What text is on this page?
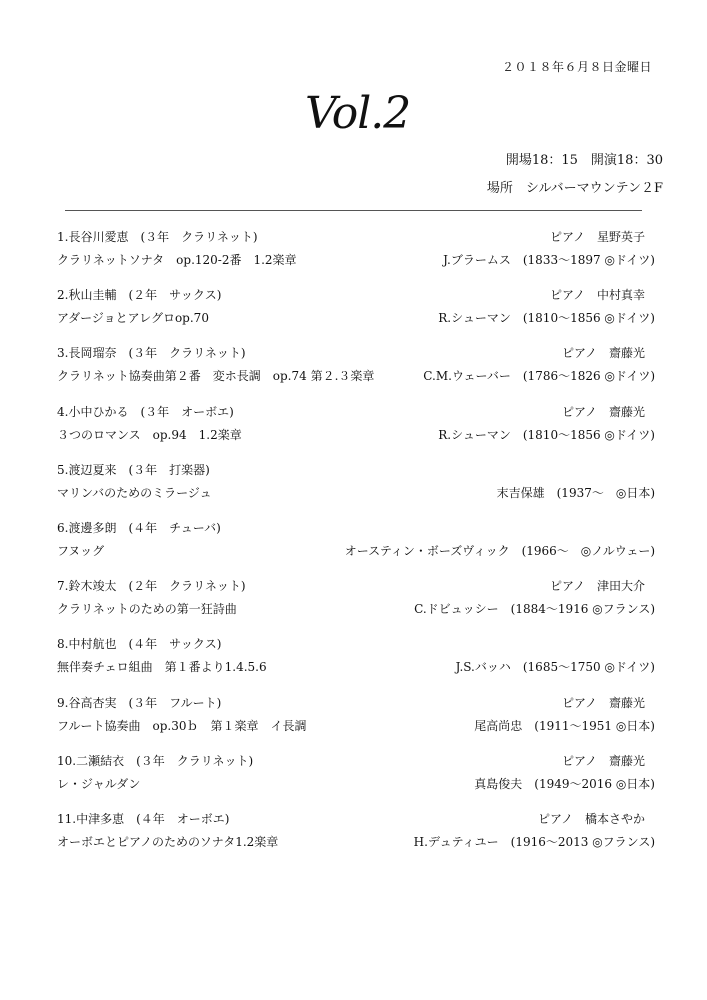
２０１８年６月８日金曜日
Vol.2
開場18：15　開演18：30
場所　シルバーマウンテン２F
1.長谷川愛恵　(３年　クラリネット)	ピアノ　星野英子
クラリネットソナタ　op.120-2番　1.2楽章	J.ブラームス　(1833〜1897 ◎ドイツ)
2.秋山圭輔　(２年　サックス)	ピアノ　中村真幸
アダージョとアレグロop.70	R.シューマン　(1810〜1856 ◎ドイツ)
3.長岡瑠奈　(３年　クラリネット)	ピアノ　齋藤光
クラリネット協奏曲第２番　変ホ長調　op.74 第２.３楽章	C.M.ウェーバー　(1786〜1826 ◎ドイツ)
4.小中ひかる　(３年　オーボエ)	ピアノ　齋藤光
３つのロマンス　op.94　1.2楽章	R.シューマン　(1810〜1856 ◎ドイツ)
5.渡辺夏来　(３年　打楽器)
マリンバのためのミラージュ	末吉保雄　(1937〜　◎日本)
6.渡邊多朗　(４年　チューバ)
フヌッグ	オースティン・ボーズヴィック　(1966〜　◎ノルウェー)
7.鈴木竣太　(２年　クラリネット)	ピアノ　津田大介
クラリネットのための第一狂詩曲	C.ドビュッシー　(1884〜1916 ◎フランス)
8.中村航也　(４年　サックス)
無伴奏チェロ組曲　第１番より1.4.5.6	J.S.バッハ　(1685〜1750 ◎ドイツ)
9.谷高杏実　(３年　フルート)	ピアノ　齋藤光
フルート協奏曲　op.30ｂ　第１楽章　イ長調	尾高尚忠　(1911〜1951 ◎日本)
10.二瀬結衣　(３年　クラリネット)	ピアノ　齋藤光
レ・ジャルダン	真島俊夫　(1949〜2016 ◎日本)
11.中津多恵　(４年　オーボエ)	ピアノ　橋本さやか
オーボエとピアノのためのソナタ1.2楽章	H.デュティユー　(1916〜2013 ◎フランス)
